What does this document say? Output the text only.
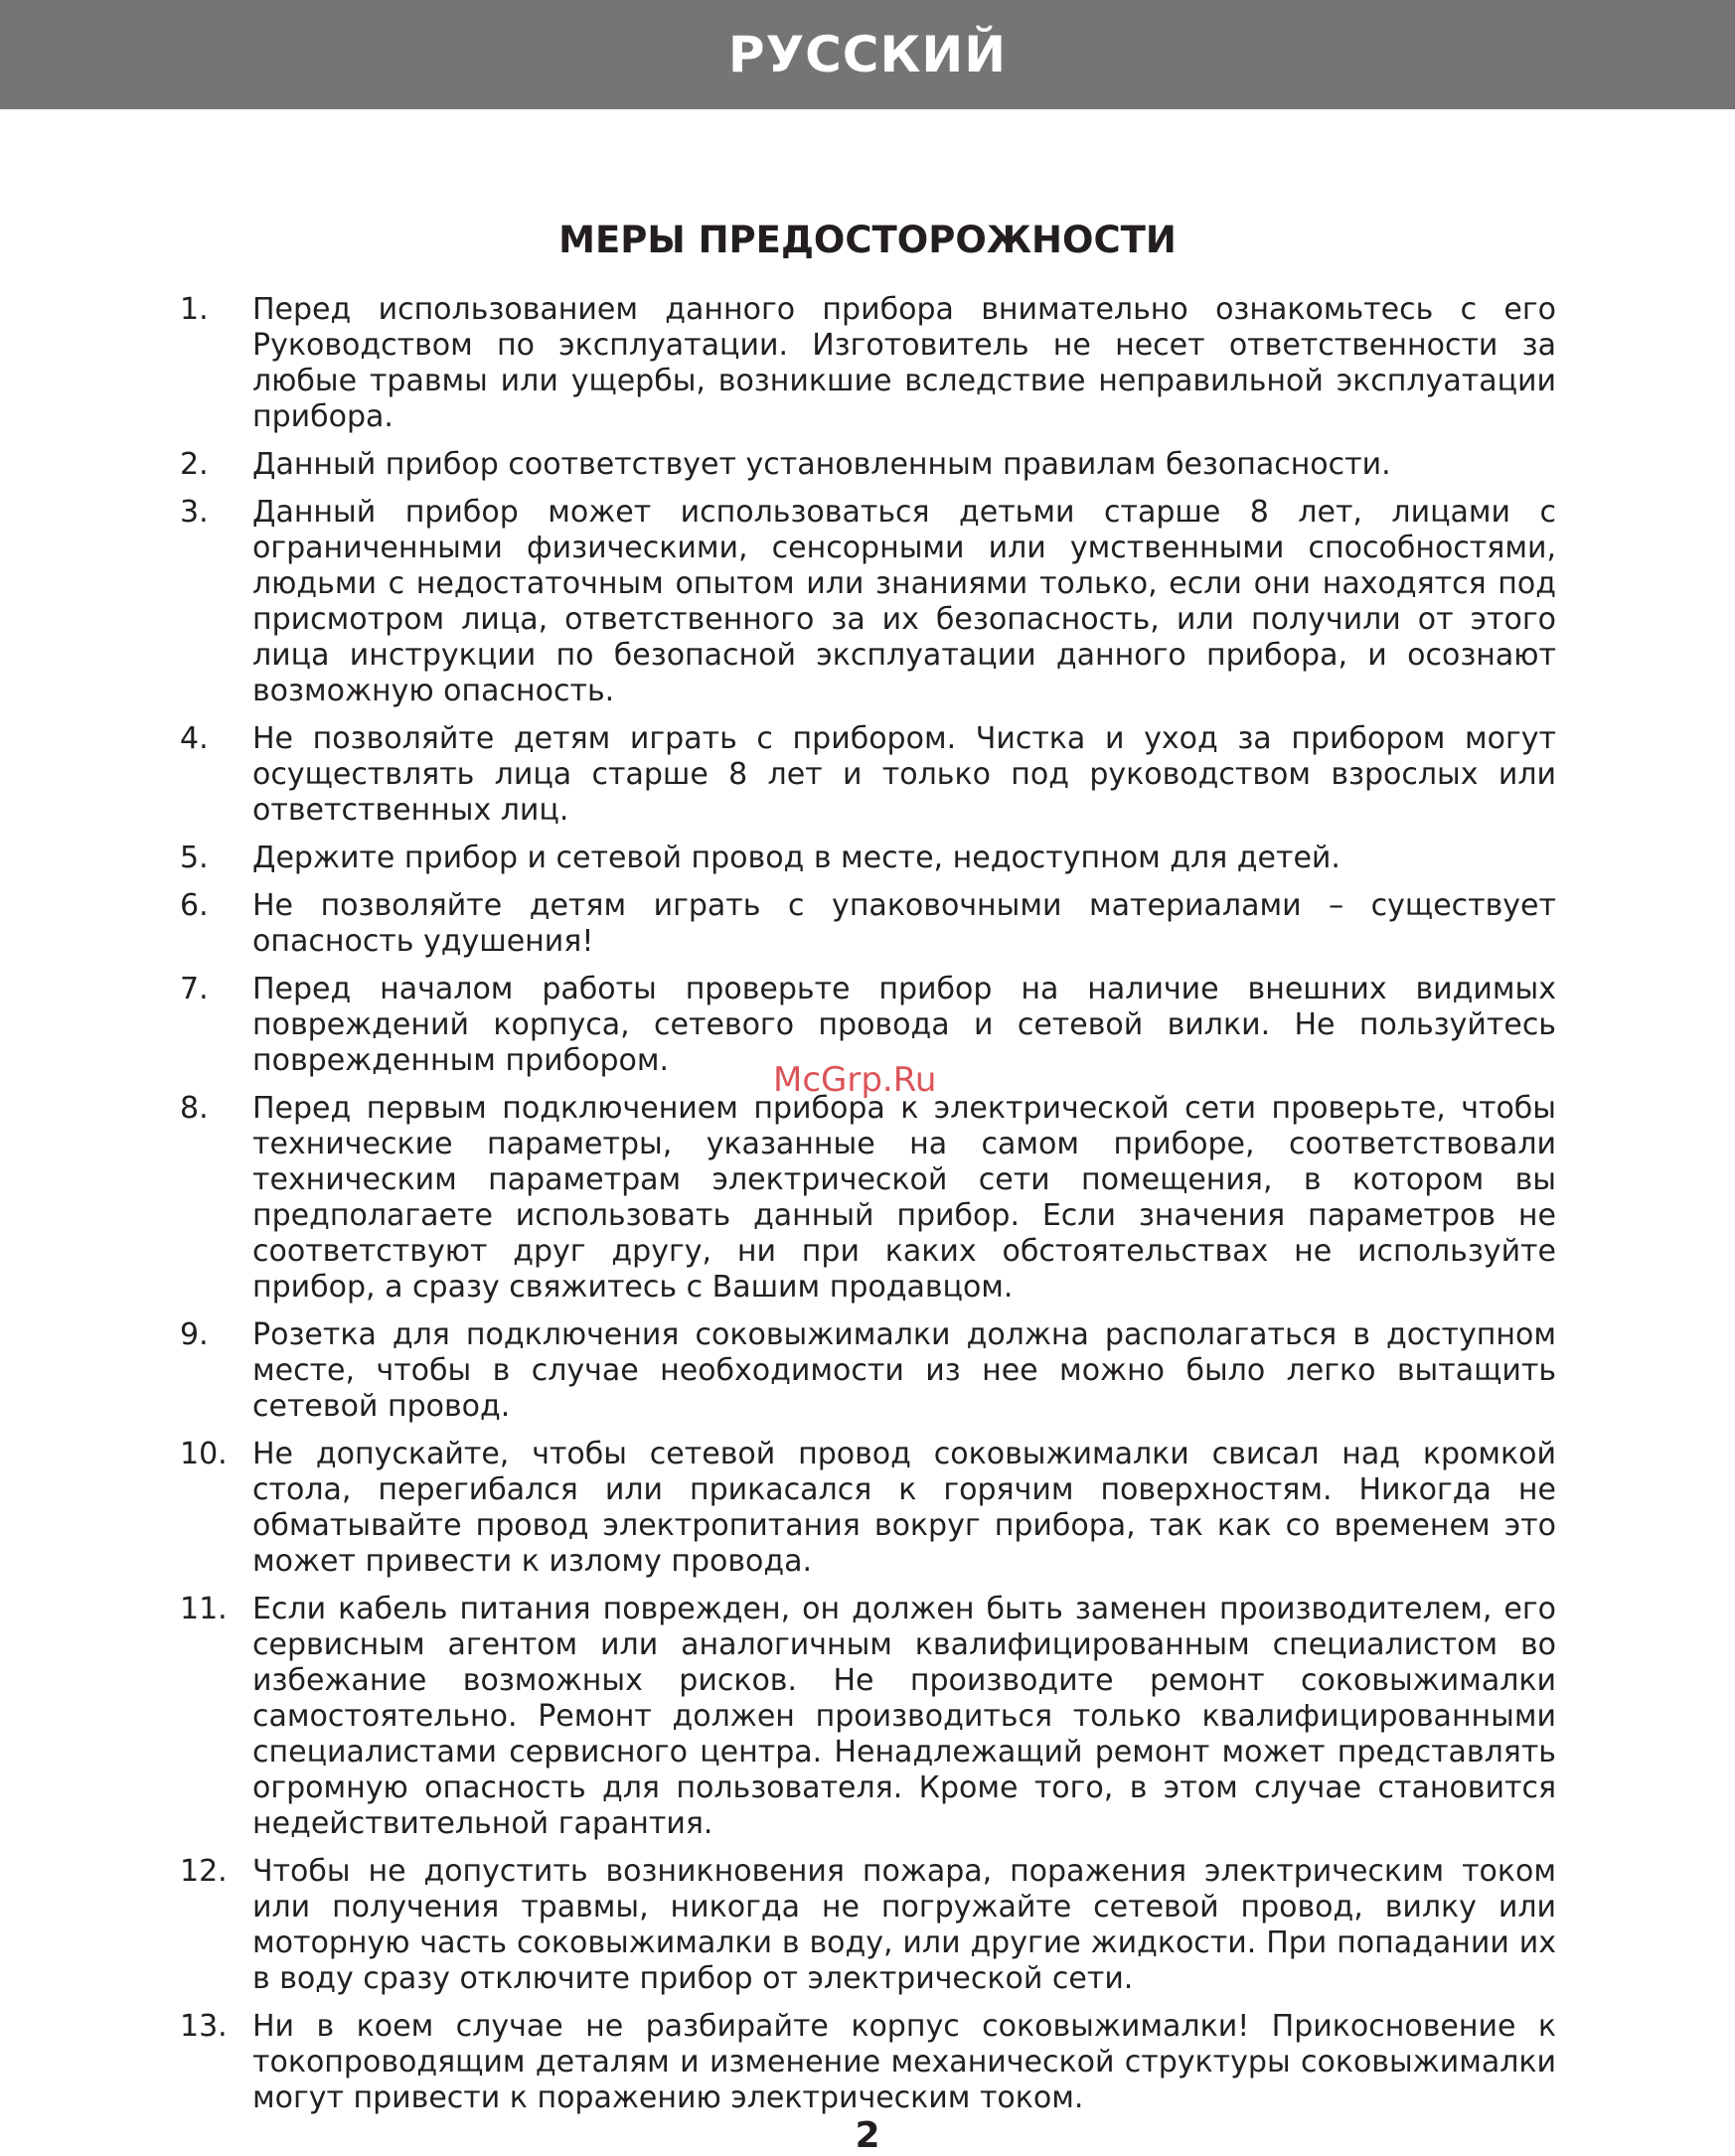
РУССКИЙ
МЕРЫ ПРЕДОСТОРОЖНОСТИ
1. Перед использованием данного прибора внимательно ознакомьтесь с его Руководством по эксплуатации. Изготовитель не несет ответственности за любые травмы или ущербы, возникшие вследствие неправильной эксплуатации прибора.
2. Данный прибор соответствует установленным правилам безопасности.
3. Данный прибор может использоваться детьми старше 8 лет, лицами с ограниченными физическими, сенсорными или умственными способностями, людьми с недостаточным опытом или знаниями только, если они находятся под присмотром лица, ответственного за их безопасность, или получили от этого лица инструкции по безопасной эксплуатации данного прибора, и осознают возможную опасность.
4. Не позволяйте детям играть с прибором. Чистка и уход за прибором могут осуществлять лица старше 8 лет и только под руководством взрослых или ответственных лиц.
5. Держите прибор и сетевой провод в месте, недоступном для детей.
6. Не позволяйте детям играть с упаковочными материалами – существует опасность удушения!
7. Перед началом работы проверьте прибор на наличие внешних видимых повреждений корпуса, сетевого провода и сетевой вилки. Не пользуйтесь поврежденным прибором.
8. Перед первым подключением прибора к электрической сети проверьте, чтобы технические параметры, указанные на самом приборе, соответствовали техническим параметрам электрической сети помещения, в котором вы предполагаете использовать данный прибор. Если значения параметров не соответствуют друг другу, ни при каких обстоятельствах не используйте прибор, а сразу свяжитесь с Вашим продавцом.
9. Розетка для подключения соковыжималки должна располагаться в доступном месте, чтобы в случае необходимости из нее можно было легко вытащить сетевой провод.
10. Не допускайте, чтобы сетевой провод соковыжималки свисал над кромкой стола, перегибался или прикасался к горячим поверхностям. Никогда не обматывайте провод электропитания вокруг прибора, так как со временем это может привести к излому провода.
11. Если кабель питания поврежден, он должен быть заменен производителем, его сервисным агентом или аналогичным квалифицированным специалистом во избежание возможных рисков. Не производите ремонт соковыжималки самостоятельно. Ремонт должен производиться только квалифицированными специалистами сервисного центра. Ненадлежащий ремонт может представлять огромную опасность для пользователя. Кроме того, в этом случае становится недействительной гарантия.
12. Чтобы не допустить возникновения пожара, поражения электрическим током или получения травмы, никогда не погружайте сетевой провод, вилку или моторную часть соковыжималки в воду, или другие жидкости. При попадании их в воду сразу отключите прибор от электрической сети.
13. Ни в коем случае не разбирайте корпус соковыжималки! Прикосновение к токопроводящим деталям и изменение механической структуры соковыжималки могут привести к поражению электрическим током.
McGrp.Ru
2
